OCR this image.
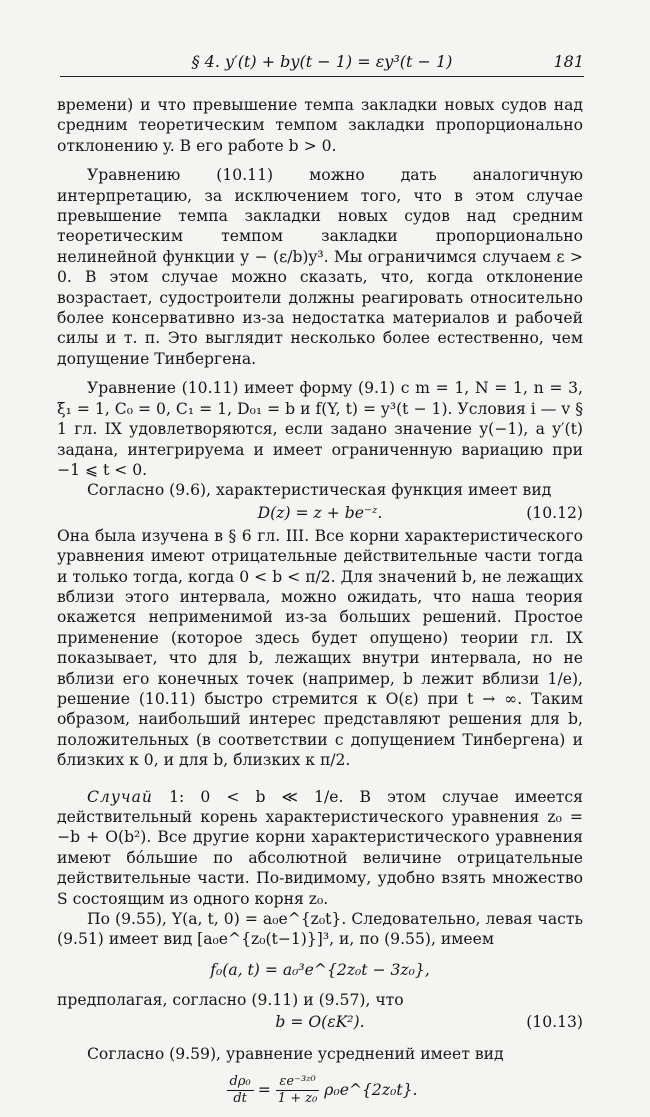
§ 4. y′(t) + by(t − 1) = εy³(t − 1)	181

времени) и что превышение темпа закладки новых судов над средним теоретическим темпом закладки пропорционально отклонению y. В его работе b > 0.

Уравнению (10.11) можно дать аналогичную интерпретацию, за исключением того, что в этом случае превышение темпа закладки новых судов над средним теоретическим темпом закладки пропорционально нелинейной функции y − (ε/b)y³. Мы ограничимся случаем ε > 0. В этом случае можно сказать, что, когда отклонение возрастает, судостроители должны реагировать относительно более консервативно из-за недостатка материалов и рабочей силы и т. п. Это выглядит несколько более естественно, чем допущение Тинбергена.

Уравнение (10.11) имеет форму (9.1) с m = 1, N = 1, n = 3, ξ₁ = 1, C₀ = 0, C₁ = 1, D₀₁ = b и f(Y, t) = y³(t − 1). Условия i — v § 1 гл. IX удовлетворяются, если задано значение y(−1), а y′(t) задана, интегрируема и имеет ограниченную вариацию при −1 ⩽ t < 0.

Согласно (9.6), характеристическая функция имеет вид

D(z) = z + be⁻ᶻ.	(10.12)

Она была изучена в § 6 гл. III. Все корни характеристического уравнения имеют отрицательные действительные части тогда и только тогда, когда 0 < b < π/2. Для значений b, не лежащих вблизи этого интервала, можно ожидать, что наша теория окажется неприменимой из-за больших решений. Простое применение (которое здесь будет опущено) теории гл. IX показывает, что для b, лежащих внутри интервала, но не вблизи его конечных точек (например, b лежит вблизи 1/e), решение (10.11) быстро стремится к O(ε) при t → ∞. Таким образом, наибольший интерес представляют решения для b, положительных (в соответствии с допущением Тинбергена) и близких к 0, и для b, близких к π/2.

Случай 1: 0 < b ≪ 1/e. В этом случае имеется действительный корень характеристического уравнения z₀ = −b + O(b²). Все другие корни характеристического уравнения имеют бо́льшие по абсолютной величине отрицательные действительные части. По-видимому, удобно взять множество S состоящим из одного корня z₀.

По (9.55), Y(a, t, 0) = a₀e^{z₀t}. Следовательно, левая часть (9.51) имеет вид [a₀e^{z₀(t−1)}]³, и, по (9.55), имеем

f₀(a, t) = a₀³e^{2z₀t − 3z₀},

предполагая, согласно (9.11) и (9.57), что

b = O(εK²).	(10.13)

Согласно (9.59), уравнение усреднений имеет вид

$\frac{\text{dρ₀}}{dt} = \frac{\text{εe⁻³ᶻ⁰}}{\text{1 + z₀}}$ ρ₀e^{2z₀t}.
